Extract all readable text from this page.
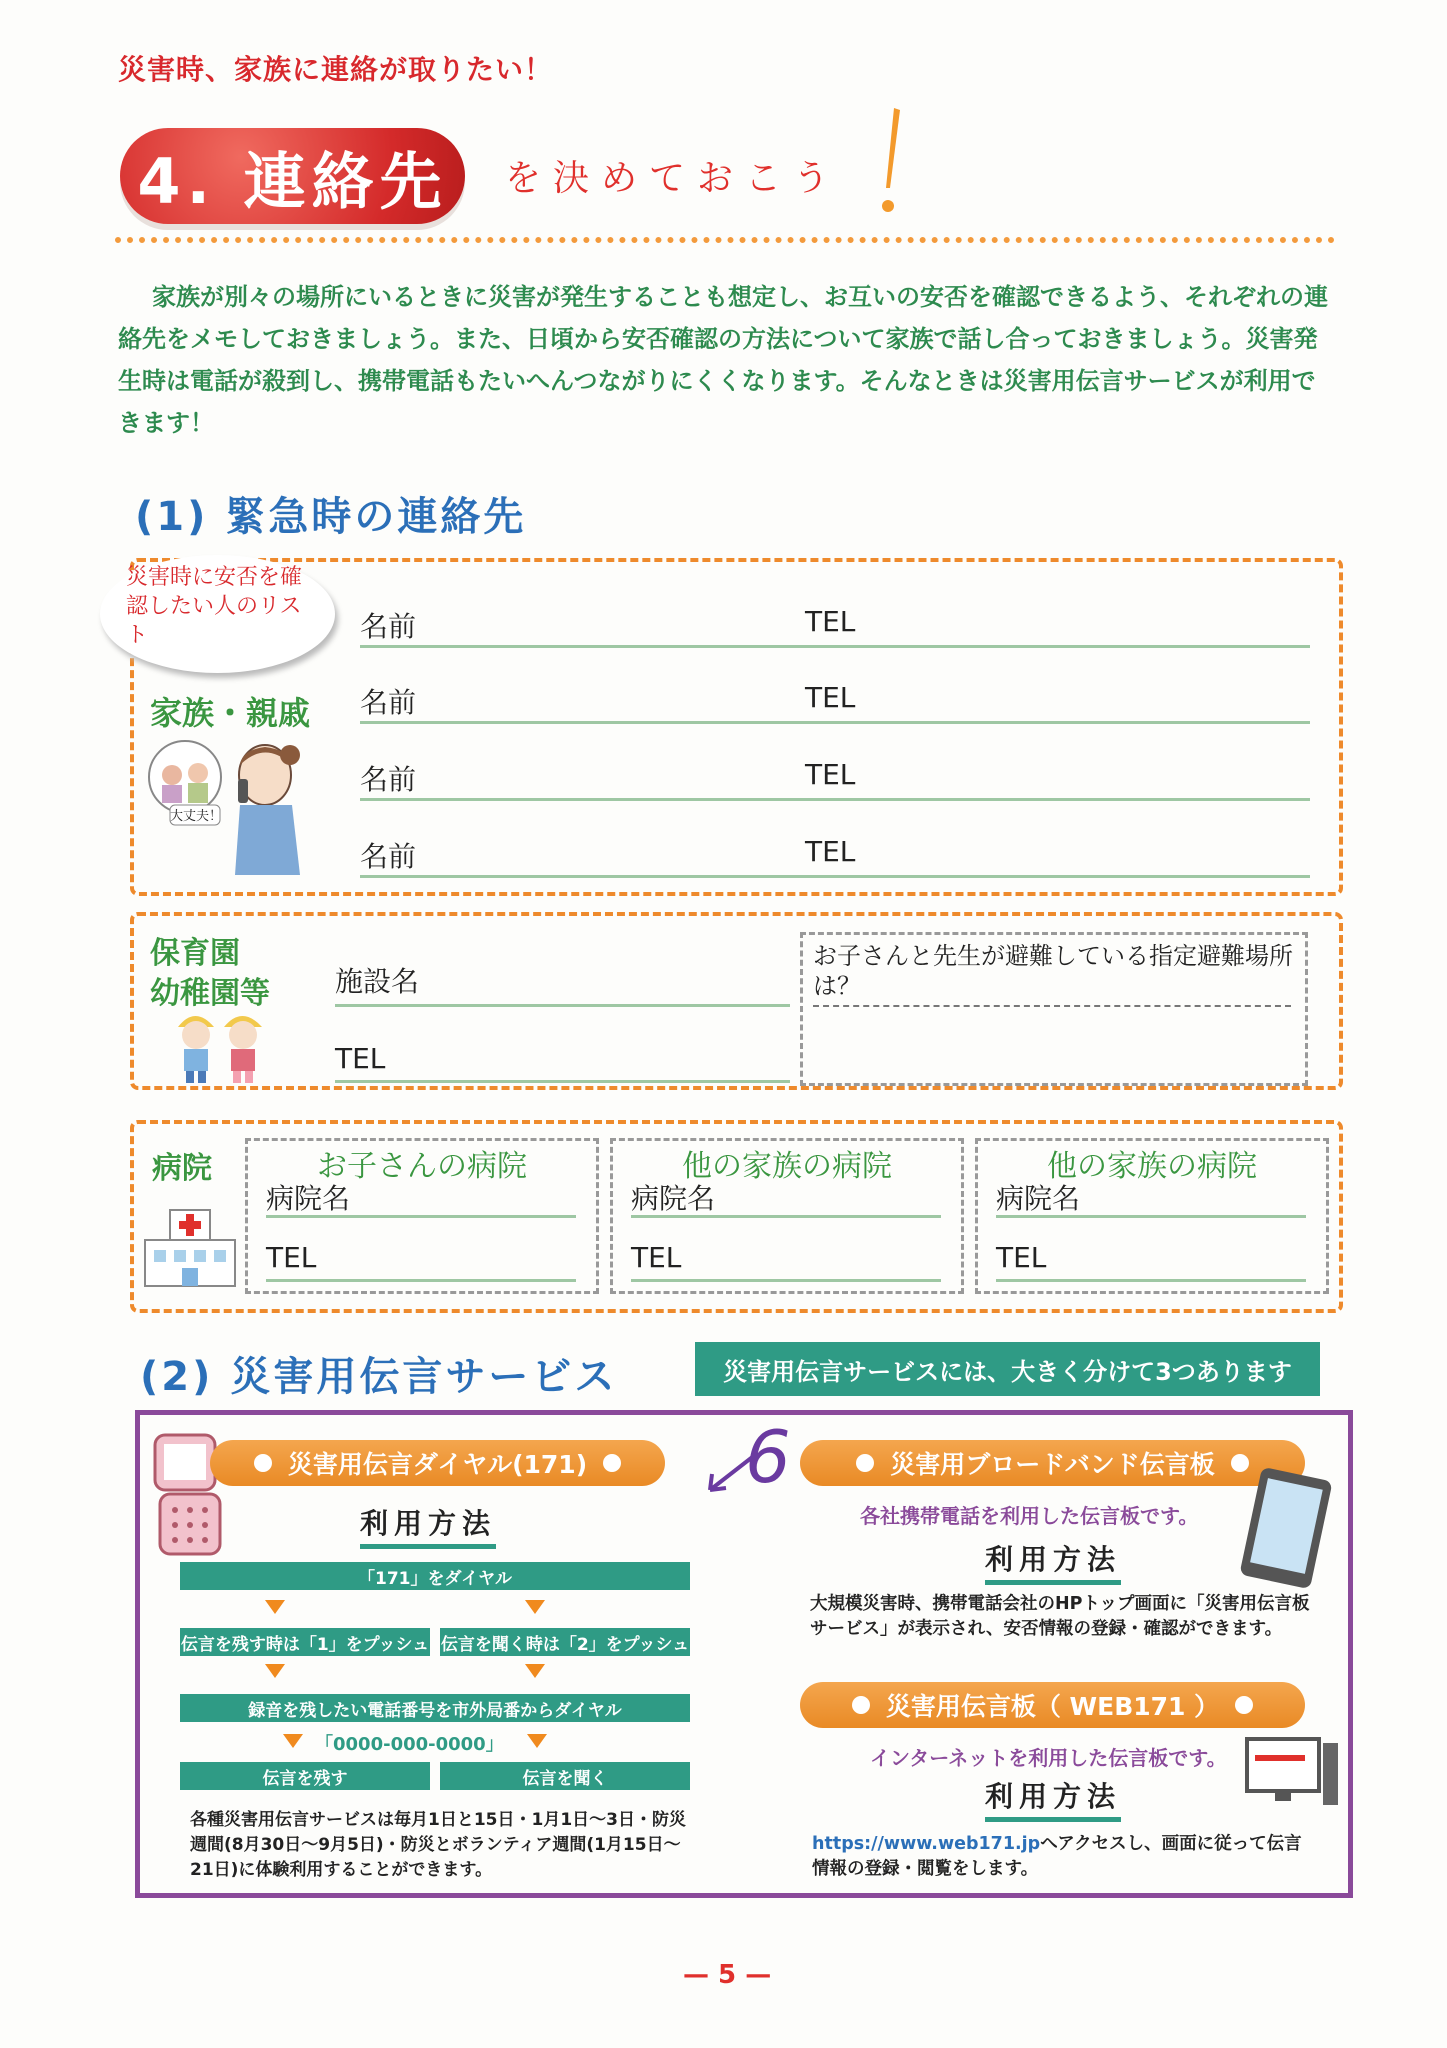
災害時、家族に連絡が取りたい！
4. 連絡先 を決めておこう
家族が別々の場所にいるときに災害が発生することも想定し、お互いの安否を確認できるよう、それぞれの連絡先をメモしておきましょう。また、日頃から安否確認の方法について家族で話し合っておきましょう。災害発生時は電話が殺到し、携帯電話もたいへんつながりにくくなります。そんなときは災害用伝言サービスが利用できます！
(1) 緊急時の連絡先
災害時に安否を確認したい人のリスト
家族・親戚
大丈夫！
名前	TEL
名前	TEL
名前	TEL
名前	TEL
保育園
幼稚園等 施設名
TEL
お子さんと先生が避難している指定避難場所は？
病院	お子さんの病院
病院名
TEL
他の家族の病院
病院名
TEL
他の家族の病院
病院名
TEL
(2) 災害用伝言サービス	災害用伝言サービスには、大きく分けて3つあります
6
災害用伝言ダイヤル(171)
利用方法
「171」をダイヤル
伝言を残す時は「1」をプッシュ 伝言を聞く時は「2」をプッシュ
録音を残したい電話番号を市外局番からダイヤル
「0000-000-0000」
伝言を残す	伝言を聞く
各種災害用伝言サービスは毎月1日と15日・1月1日〜3日・防災週間(8月30日〜9月5日)・防災とボランティア週間(1月15日〜21日)に体験利用することができます。
災害用ブロードバンド伝言板
各社携帯電話を利用した伝言板です。
利用方法
大規模災害時、携帯電話会社のHPトップ画面に「災害用伝言板サービス」が表示され、安否情報の登録・確認ができます。
災害用伝言板（ WEB171 ）
インターネットを利用した伝言板です。
利用方法
https://www.web171.jpへアクセスし、画面に従って伝言情報の登録・閲覧をします。
— 5 —
